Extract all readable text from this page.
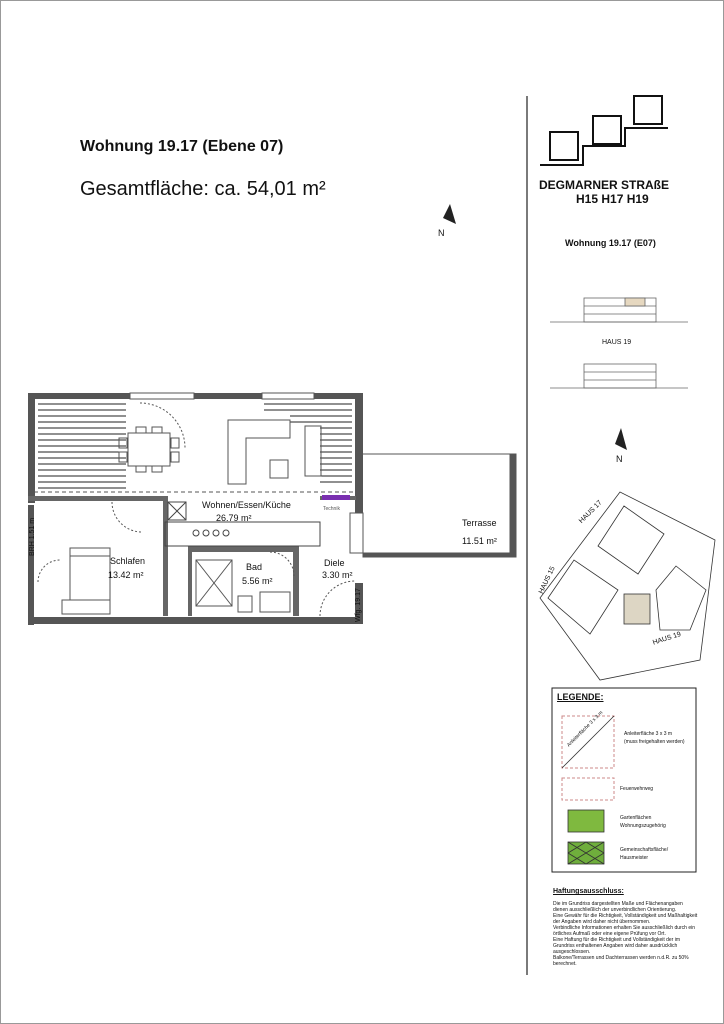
Wohnung 19.17 (Ebene 07)
Gesamtfläche: ca. 54,01 m²
Technik
Wohnen/Essen/Küche
26.79 m²	Terrasse
11.51 m²
Schlafen
13.42 m²
Bad
5.56 m²
Diele
3.30 m²
Wfg. 19.17
BRH 1.51 m
N
DEGMARNER STRAßE
H15 H17 H19
Wohnung 19.17 (E07)
HAUS 19
N
HAUS 17
HAUS 15
HAUS 19
LEGENDE:
Anleiterfläche 3 x 3 m
(muss freigehalten werden)
Anleiterfläche 3 x 3 m
Feuerwehrweg
Gartenflächen
Wohnungszugehörig
Gemeinschaftsfläche/
Hausmeister
Haftungsausschluss:
Die im Grundriss dargestellten Maße und Flächenangaben
dienen ausschließlich der unverbindlichen Orientierung.
Eine Gewähr für die Richtigkeit, Vollständigkeit und Maßhaltigkeit
der Angaben wird daher nicht übernommen.
Verbindliche Informationen erhalten Sie ausschließlich durch ein
örtliches Aufmaß oder eine eigene Prüfung vor Ort.
Eine Haftung für die Richtigkeit und Vollständigkeit der im
Grundriss enthaltenen Angaben wird daher ausdrücklich ausgeschlossen.
Balkone/Terrassen und Dachterrassen werden n.d.R. zu 50% berechnet.
